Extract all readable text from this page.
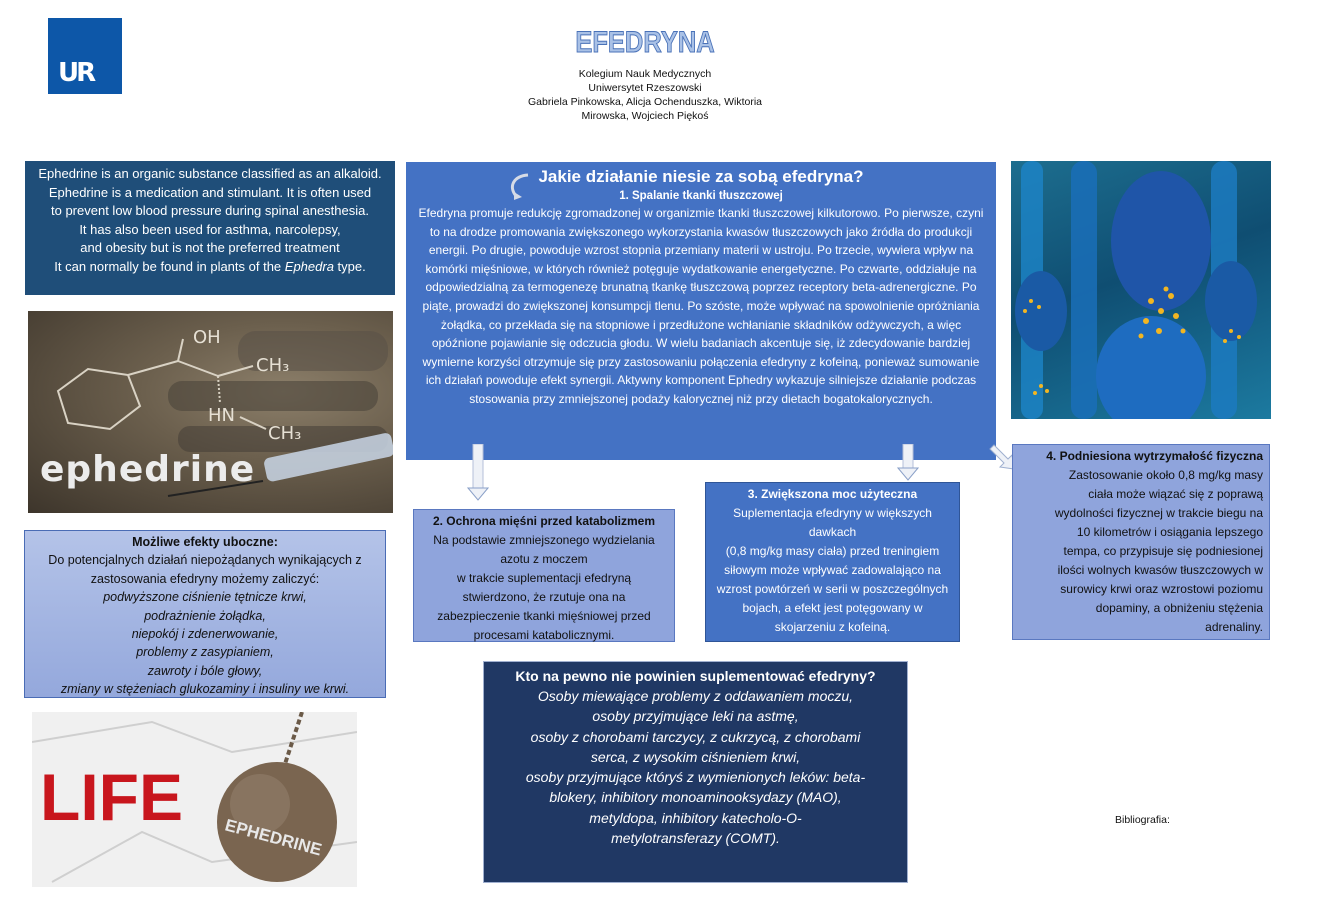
UR
EFEDRYNA
Kolegium Nauk Medycznych
Uniwersytet Rzeszowski
Gabriela Pinkowska, Alicja Ochenduszka, Wiktoria
Mirowska, Wojciech Piękoś
Ephedrine is an organic substance classified as an alkaloid.
Ephedrine is a medication and stimulant. It is often used
to prevent low blood pressure during spinal anesthesia.
It has also been used for asthma, narcolepsy,
and obesity but is not the preferred treatment
It can normally be found in plants of the Ephedra type.
OH
CH₃
HN
CH₃
ephedrine
LIFE
EPHEDRINE
Jakie działanie niesie za sobą efedryna?
1. Spalanie tkanki tłuszczowej
Efedryna promuje redukcję zgromadzonej w organizmie tkanki tłuszczowej kilkutorowo. Po pierwsze, czyni to na drodze promowania zwiększonego wykorzystania kwasów tłuszczowych jako źródła do produkcji energii. Po drugie, powoduje wzrost stopnia przemiany materii w ustroju. Po trzecie, wywiera wpływ na komórki mięśniowe, w których również potęguje wydatkowanie energetyczne. Po czwarte, oddziałuje na odpowiedzialną za termogenezę brunatną tkankę tłuszczową poprzez receptory beta-adrenergiczne. Po piąte, prowadzi do zwiększonej konsumpcji tlenu. Po szóste, może wpływać na spowolnienie opróżniania żołądka, co przekłada się na stopniowe i przedłużone wchłanianie składników odżywczych, a więc opóźnione pojawianie się odczucia głodu. W wielu badaniach akcentuje się, iż zdecydowanie bardziej wymierne korzyści otrzymuje się przy zastosowaniu połączenia efedryny z kofeiną, ponieważ sumowanie ich działań powoduje efekt synergii. Aktywny komponent Ephedry wykazuje silniejsze działanie podczas stosowania przy zmniejszonej podaży kalorycznej niż przy dietach bogatokalorycznych.
2. Ochrona mięśni przed katabolizmem
Na podstawie zmniejszonego wydzielania
azotu z moczem
w trakcie suplementacji efedryną
stwierdzono, że rzutuje ona na
zabezpieczenie tkanki mięśniowej przed
procesami katabolicznymi.
3. Zwiększona moc użyteczna
Suplementacja efedryny w większych
dawkach
(0,8 mg/kg masy ciała) przed treningiem
siłowym może wpływać zadowalająco na
wzrost powtórzeń w serii w poszczególnych
bojach, a efekt jest potęgowany w
skojarzeniu z kofeiną.
4. Podniesiona wytrzymałość fizyczna
Zastosowanie około 0,8 mg/kg masy
ciała może wiązać się z poprawą
wydolności fizycznej w trakcie biegu na
10 kilometrów i osiągania lepszego
tempa, co przypisuje się podniesionej
ilości wolnych kwasów tłuszczowych w
surowicy krwi oraz wzrostowi poziomu
dopaminy, a obniżeniu stężenia
adrenaliny.
Możliwe efekty uboczne:
Do potencjalnych działań niepożądanych wynikających z
zastosowania efedryny możemy zaliczyć:
podwyższone ciśnienie tętnicze krwi,
podrażnienie żołądka,
niepokój i zdenerwowanie,
problemy z zasypianiem,
zawroty i bóle głowy,
zmiany w stężeniach glukozaminy i insuliny we krwi.
Kto na pewno nie powinien suplementować efedryny?
Osoby miewające problemy z oddawaniem moczu,
osoby przyjmujące leki na astmę,
osoby z chorobami tarczycy, z cukrzycą, z chorobami
serca, z wysokim ciśnieniem krwi,
osoby przyjmujące któryś z wymienionych leków: beta-
blokery, inhibitory monoaminooksydazy (MAO),
metyldopa, inhibitory katecholo-O-
metylotransferazy (COMT).
Bibliografia:
